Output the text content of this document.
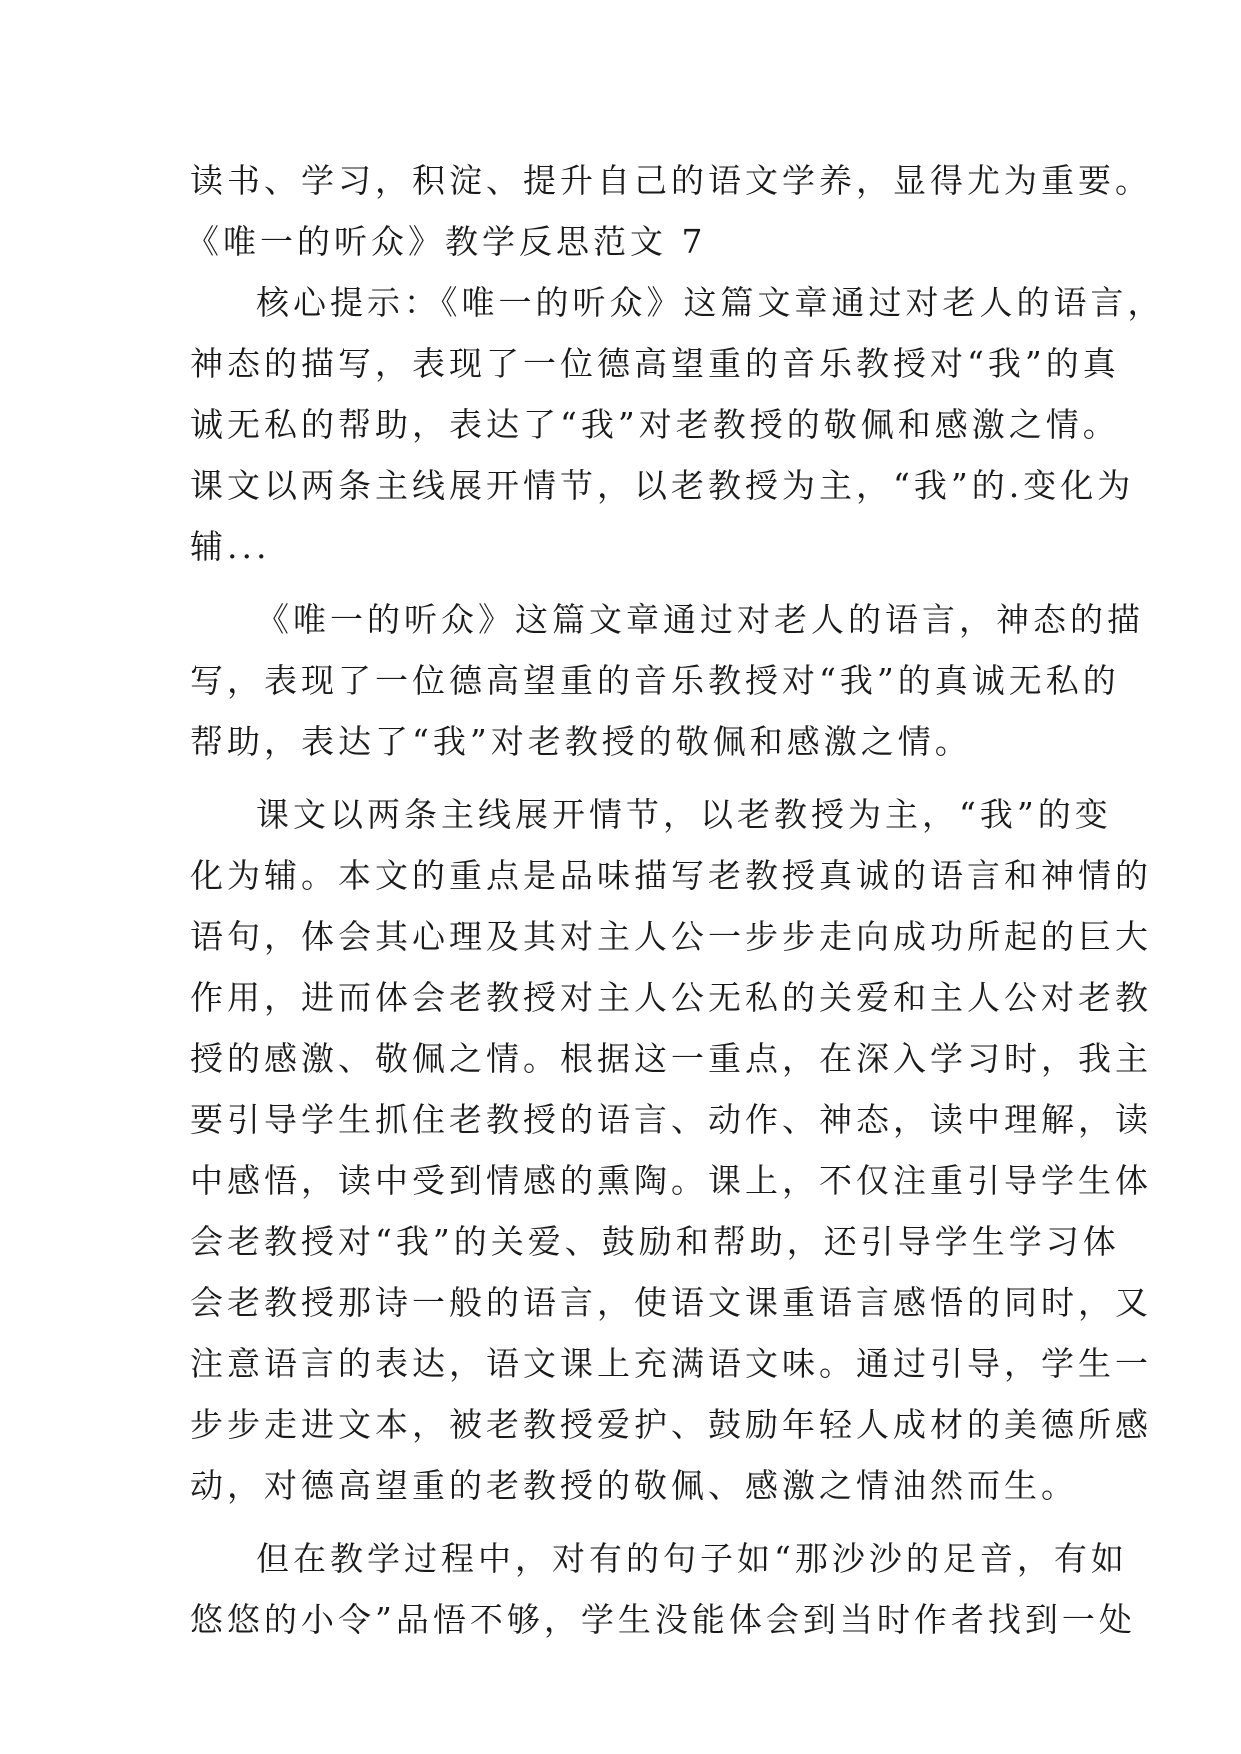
读书、学习，积淀、提升自己的语文学养，显得尤为重要。

《唯一的听众》教学反思范文 7

核心提示：《唯一的听众》这篇文章通过对老人的语言，

神态的描写，表现了一位德高望重的音乐教授对“我”的真

诚无私的帮助，表达了“我”对老教授的敬佩和感激之情。

课文以两条主线展开情节，以老教授为主，“我”的.变化为

辅...

《唯一的听众》这篇文章通过对老人的语言，神态的描

写，表现了一位德高望重的音乐教授对“我”的真诚无私的

帮助，表达了“我”对老教授的敬佩和感激之情。

课文以两条主线展开情节，以老教授为主，“我”的变

化为辅。本文的重点是品味描写老教授真诚的语言和神情的

语句，体会其心理及其对主人公一步步走向成功所起的巨大

作用，进而体会老教授对主人公无私的关爱和主人公对老教

授的感激、敬佩之情。根据这一重点，在深入学习时，我主

要引导学生抓住老教授的语言、动作、神态，读中理解，读

中感悟，读中受到情感的熏陶。课上，不仅注重引导学生体

会老教授对“我”的关爱、鼓励和帮助，还引导学生学习体

会老教授那诗一般的语言，使语文课重语言感悟的同时，又

注意语言的表达，语文课上充满语文味。通过引导，学生一

步步走进文本，被老教授爱护、鼓励年轻人成材的美德所感

动，对德高望重的老教授的敬佩、感激之情油然而生。

但在教学过程中，对有的句子如“那沙沙的足音，有如

悠悠的小令”品悟不够，学生没能体会到当时作者找到一处
